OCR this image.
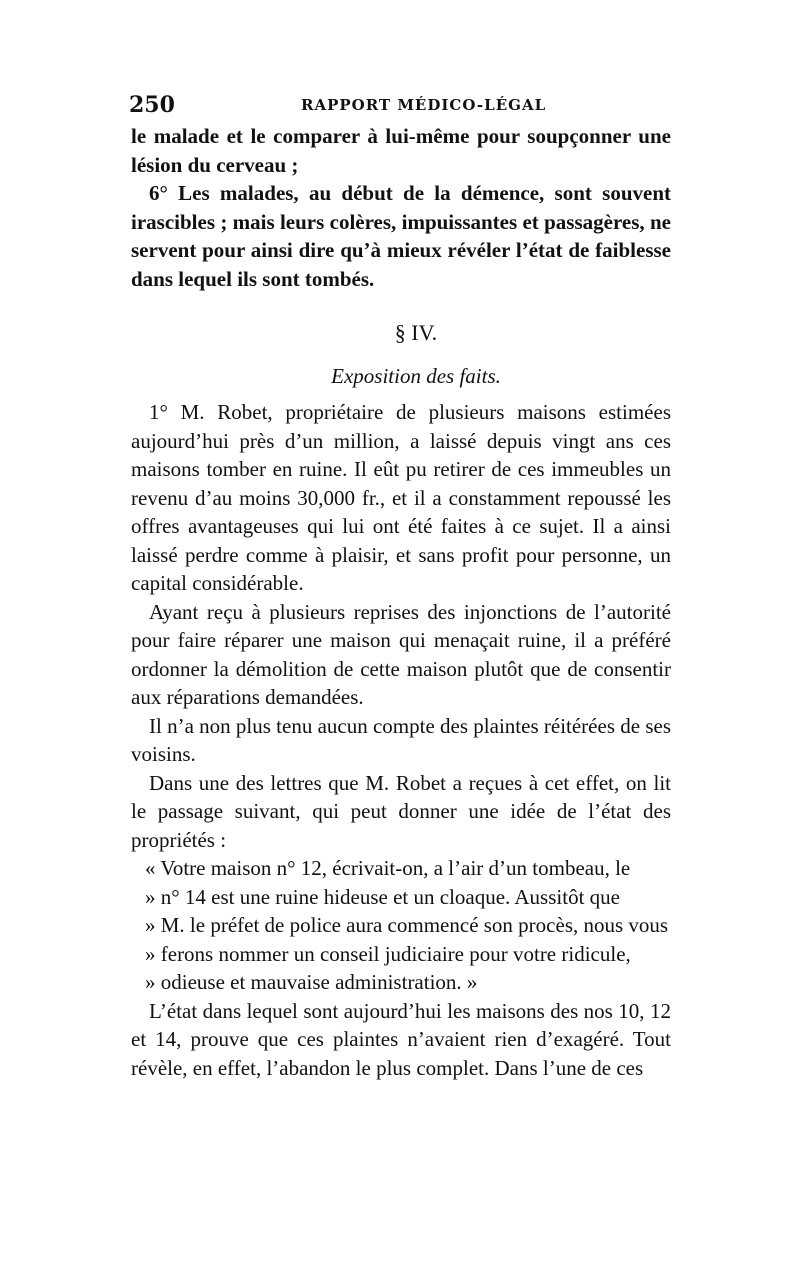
250	RAPPORT MÉDICO-LÉGAL

le malade et le comparer à lui-même pour soupçonner une lésion du cerveau ;

6° Les malades, au début de la démence, sont souvent irascibles ; mais leurs colères, impuissantes et passagères, ne servent pour ainsi dire qu’à mieux révéler l’état de faiblesse dans lequel ils sont tombés.

§ IV.

Exposition des faits.

1° M. Robet, propriétaire de plusieurs maisons estimées aujourd’hui près d’un million, a laissé depuis vingt ans ces maisons tomber en ruine. Il eût pu retirer de ces immeubles un revenu d’au moins 30,000 fr., et il a constamment repoussé les offres avantageuses qui lui ont été faites à ce sujet. Il a ainsi laissé perdre comme à plaisir, et sans profit pour personne, un capital considérable.

Ayant reçu à plusieurs reprises des injonctions de l’autorité pour faire réparer une maison qui menaçait ruine, il a préféré ordonner la démolition de cette maison plutôt que de consentir aux réparations demandées.

Il n’a non plus tenu aucun compte des plaintes réitérées de ses voisins.

Dans une des lettres que M. Robet a reçues à cet effet, on lit le passage suivant, qui peut donner une idée de l’état des propriétés :

« Votre maison n° 12, écrivait-on, a l’air d’un tombeau, le

» n° 14 est une ruine hideuse et un cloaque. Aussitôt que

» M. le préfet de police aura commencé son procès, nous vous

» ferons nommer un conseil judiciaire pour votre ridicule,

» odieuse et mauvaise administration. »

L’état dans lequel sont aujourd’hui les maisons des nos 10, 12 et 14, prouve que ces plaintes n’avaient rien d’exagéré. Tout révèle, en effet, l’abandon le plus complet. Dans l’une de ces
